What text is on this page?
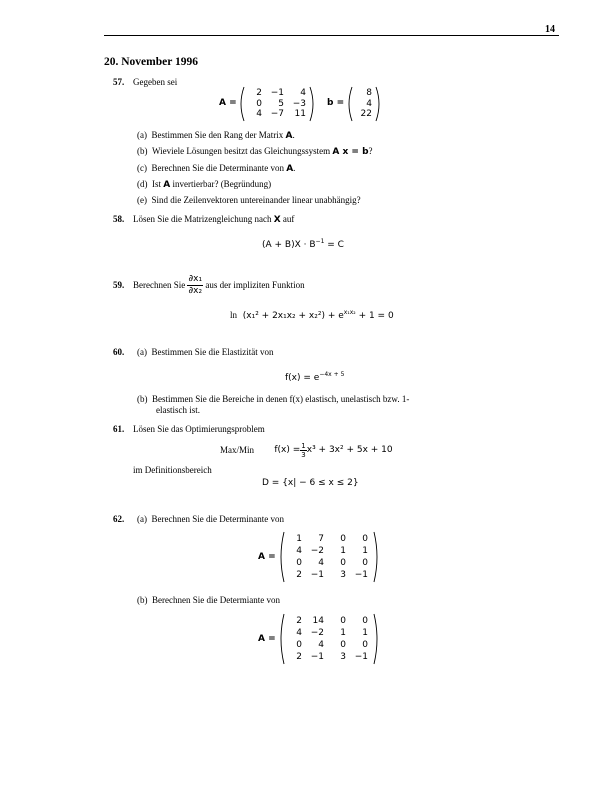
14
20. November 1996
57. Gegeben sei
A =
2 −1	4
0	5 −3
4 −7	11
b =
8
4
22
(a) Bestimmen Sie den Rang der Matrix A.
(b) Wieviele Lösungen besitzt das Gleichungssystem A x = b?
(c) Berechnen Sie die Determinante von A.
(d) Ist A invertierbar? (Begründung)
(e) Sind die Zeilenvektoren untereinander linear unabhängig?
58. Lösen Sie die Matrizengleichung nach X auf
$(A + B)X \cdot B^{-1} = C$
59. Berechnen Sie
$\frac{\text{∂x₁}}{\text{∂x₂}}$
aus der impliziten Funktion
$\ln (x_1^2 + 2x_1x_2 + x_2^2) + e^{x_1x_2} + 1 = 0$
60. (a) Bestimmen Sie die Elastizität von
$f(x) = e^{-4x + 5}$
(b) Bestimmen Sie die Bereiche in denen f(x) elastisch, unelastisch bzw. 1-
elastisch ist.
61. Lösen Sie das Optimierungsproblem
Max/Min
$f(x) = \frac{1}{3} x^3 + 3x^2 + 5x + 10$
im Definitionsbereich
D = {x| − 6 ≤ x ≤ 2}
62. (a) Berechnen Sie die Determinante von
A =
1	7	0	0
4 −2	1	1
0	4	0	0
2 −1	3 −1
(b) Berechnen Sie die Determiante von
A =
2	14	0	0
4 −2	1	1
0	4	0	0
2 −1	3 −1
